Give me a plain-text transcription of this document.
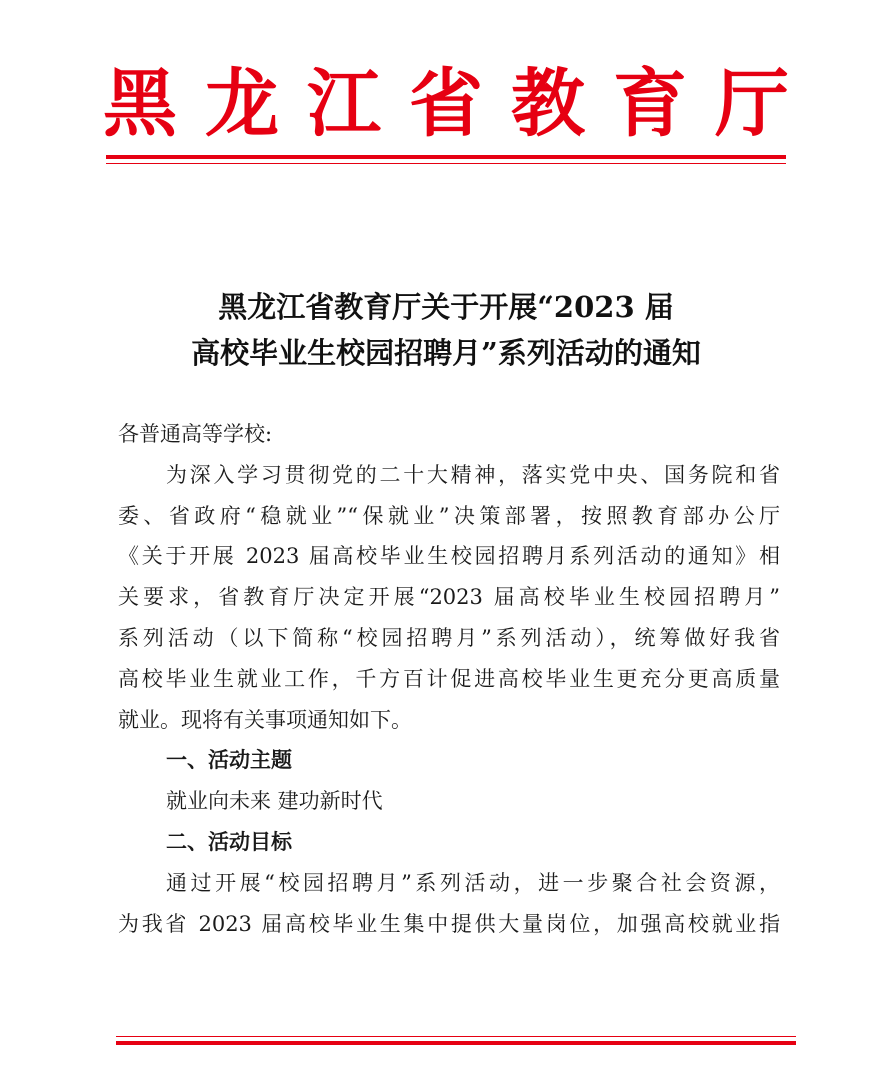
黑龙江省教育厅
黑龙江省教育厅关于开展“2023 届
高校毕业生校园招聘月”系列活动的通知

各普通高等学校:

为深入学习贯彻党的二十大精神，落实党中央、国务院和省
委、省政府“稳就业”“保就业”决策部署，按照教育部办公厅
《关于开展 2023 届高校毕业生校园招聘月系列活动的通知》相
关要求，省教育厅决定开展“2023 届高校毕业生校园招聘月”
系列活动（以下简称“校园招聘月”系列活动），统筹做好我省
高校毕业生就业工作，千方百计促进高校毕业生更充分更高质量
就业。现将有关事项通知如下。
一、活动主题
就业向未来 建功新时代
二、活动目标
通过开展“校园招聘月”系列活动，进一步聚合社会资源，
为我省 2023 届高校毕业生集中提供大量岗位，加强高校就业指
